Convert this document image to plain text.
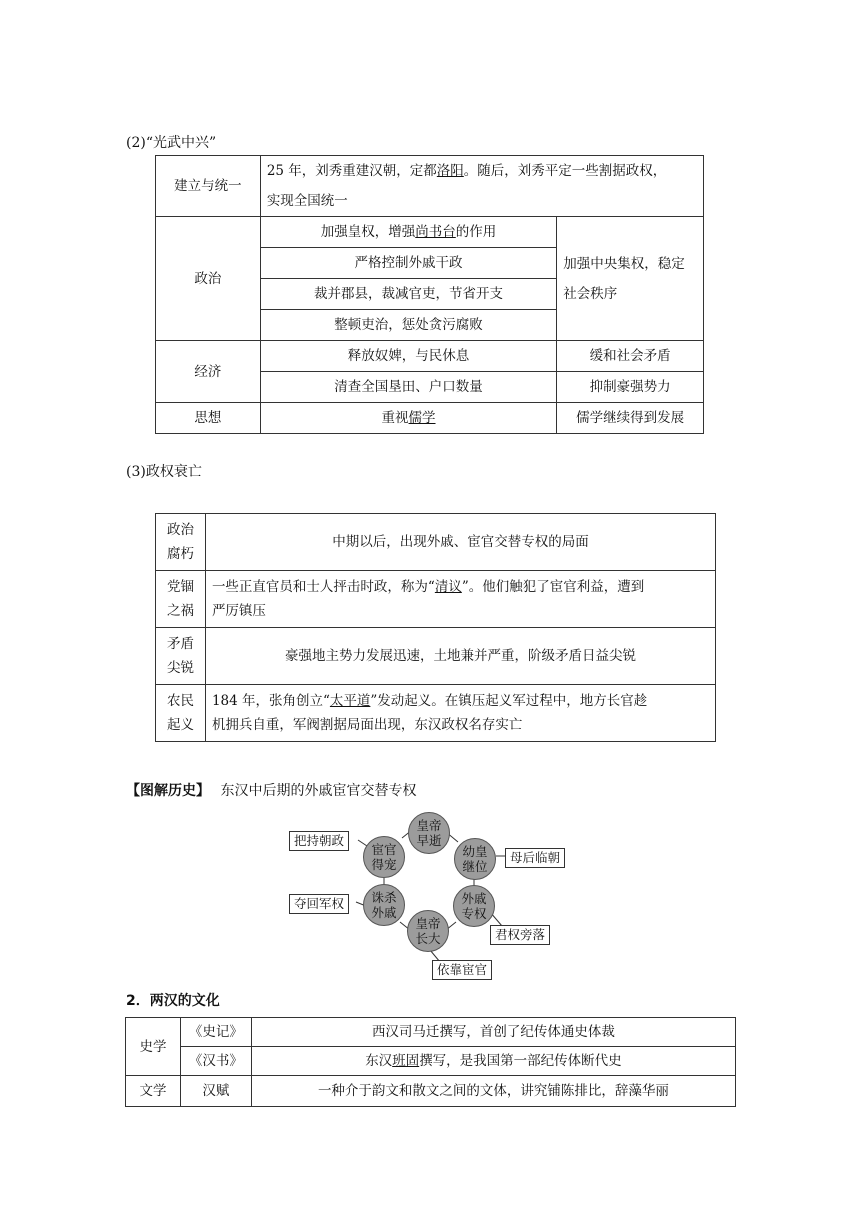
(2)“光武中兴”
建立与统一	25 年，刘秀重建汉朝，定都洛阳。随后，刘秀平定一些割据政权，
实现全国统一	
政治	加强皇权，增强尚书台的作用	加强中央集权，稳定
社会秩序
	严格控制外戚干政	
	裁并郡县，裁减官吏，节省开支	
	整顿吏治，惩处贪污腐败	
经济	释放奴婢，与民休息	缓和社会矛盾
	清查全国垦田、户口数量	抑制豪强势力
思想	重视儒学	儒学继续得到发展
(3)政权衰亡
政治
腐朽	中期以后，出现外戚、宦官交替专权的局面
党锢
之祸	一些正直官员和士人抨击时政，称为“清议”。他们触犯了宦官利益，遭到
严厉镇压
矛盾
尖锐	豪强地主势力发展迅速，土地兼并严重，阶级矛盾日益尖锐
农民
起义	184 年，张角创立“太平道”发动起义。在镇压起义军过程中，地方长官趁
机拥兵自重，军阀割据局面出现，东汉政权名存实亡
【图解历史】 东汉中后期的外戚宦官交替专权
皇帝
早逝
幼皇
继位
外戚
专权
皇帝
长大
诛杀
外戚
宦官
得宠
把持朝政
母后临朝
君权旁落
依靠宦官
夺回军权
2．两汉的文化
史学	《史记》	西汉司马迁撰写，首创了纪传体通史体裁
	《汉书》	东汉班固撰写，是我国第一部纪传体断代史
文学	汉赋	一种介于韵文和散文之间的文体，讲究铺陈排比，辞藻华丽
